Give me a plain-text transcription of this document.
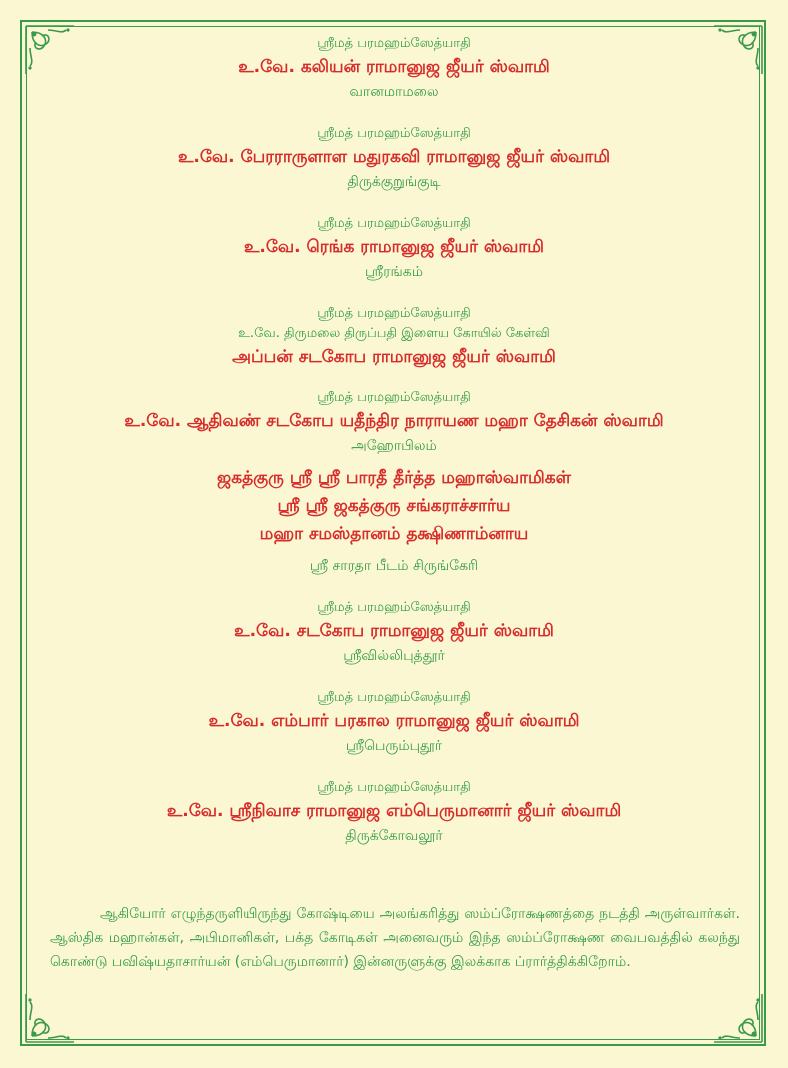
ஸ்ரீமத் பரமஹம்ஸேத்யாதி
உ.வே. கலியன் ராமானுஜ ஜீயர் ஸ்வாமி
வானமாமலை
ஸ்ரீமத் பரமஹம்ஸேத்யாதி
உ.வே. பேரராருளாள மதுரகவி ராமானுஜ ஜீயர் ஸ்வாமி
திருக்குறுங்குடி
ஸ்ரீமத் பரமஹம்ஸேத்யாதி
உ.வே. ரெங்க ராமானுஜ ஜீயர் ஸ்வாமி
ஸ்ரீரங்கம்
ஸ்ரீமத் பரமஹம்ஸேத்யாதி
உ.வே. திருமலை திருப்பதி இளைய கோயில் கேள்வி
அப்பன் சடகோப ராமானுஜ ஜீயர் ஸ்வாமி
ஸ்ரீமத் பரமஹம்ஸேத்யாதி
உ.வே. ஆதிவண் சடகோப யதீந்திர நாராயண மஹா தேசிகன் ஸ்வாமி
அஹோபிலம்
ஜகத்குரு ஸ்ரீ ஸ்ரீ பாரதீ தீர்த்த மஹாஸ்வாமிகள்
ஸ்ரீ ஸ்ரீ ஜகத்குரு சங்கராச்சார்ய
மஹா சமஸ்தானம் தக்ஷிணாம்னாய
ஸ்ரீ சாரதா பீடம் சிருங்கேரி
ஸ்ரீமத் பரமஹம்ஸேத்யாதி
உ.வே. சடகோப ராமானுஜ ஜீயர் ஸ்வாமி
ஸ்ரீவில்லிபுத்தூர்
ஸ்ரீமத் பரமஹம்ஸேத்யாதி
உ.வே. எம்பார் பரகால ராமானுஜ ஜீயர் ஸ்வாமி
ஸ்ரீபெரும்புதூர்
ஸ்ரீமத் பரமஹம்ஸேத்யாதி
உ.வே. ஸ்ரீநிவாச ராமானுஜ எம்பெருமானார் ஜீயர் ஸ்வாமி
திருக்கோவலூர்

ஆகியோர் எழுந்தருளியிருந்து கோஷ்டியை அலங்கரித்து ஸம்ப்ரோக்ஷணத்தை நடத்தி அருள்வார்கள். ஆஸ்திக மஹான்கள், அபிமானிகள், பக்த கோடிகள் அனைவரும் இந்த ஸம்ப்ரோக்ஷண வைபவத்தில் கலந்து கொண்டு பவிஷ்யதாசார்யன் (எம்பெருமானார்) இன்னருளுக்கு இலக்காக ப்ரார்த்திக்கிறோம்.
